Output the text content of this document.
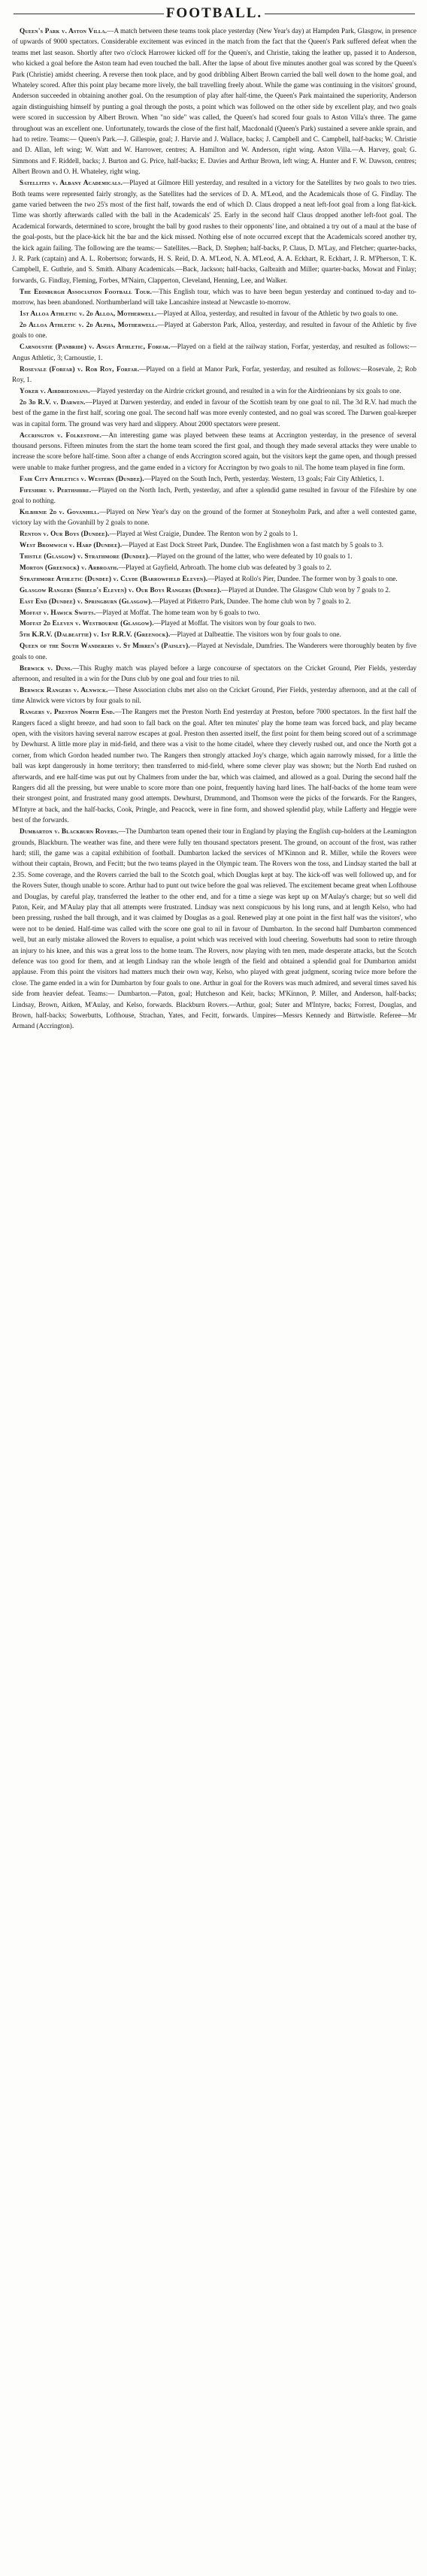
FOOTBALL.

Queen's Park v. Aston Villa.—A match between these teams took place yesterday (New Year's day) at Hampden Park, Glasgow, in presence of upwards of 9000 spectators. Considerable excitement was evinced in the match from the fact that the Queen's Park suffered defeat when the teams met last season. Shortly after two o'clock Harrower kicked off for the Queen's, and Christie, taking the leather up, passed it to Anderson, who kicked a goal before the Aston team had even touched the ball. After the lapse of about five minutes another goal was scored by the Queen's Park (Christie) amidst cheering. A reverse then took place, and by good dribbling Albert Brown carried the ball well down to the home goal, and Whateley scored. After this point play became more lively, the ball travelling freely about. While the game was continuing in the visitors' ground, Anderson succeeded in obtaining another goal. On the resumption of play after half-time, the Queen's Park maintained the superiority, Anderson again distinguishing himself by punting a goal through the posts, a point which was followed on the other side by excellent play, and two goals were scored in succession by Albert Brown. When "no side" was called, the Queen's had scored four goals to Aston Villa's three. The game throughout was an excellent one. Unfortunately, towards the close of the first half, Macdonald (Queen's Park) sustained a severe ankle sprain, and had to retire. Teams:— Queen's Park.—J. Gillespie, goal; J. Harvie and J. Wallace, backs; J. Campbell and C. Campbell, half-backs; W. Christie and D. Allan, left wing; W. Watt and W. Harrower, centres; A. Hamilton and W. Anderson, right wing. Aston Villa.—A. Harvey, goal; G. Simmons and F. Riddell, backs; J. Burton and G. Price, half-backs; E. Davies and Arthur Brown, left wing; A. Hunter and F. W. Dawson, centres; Albert Brown and O. H. Whateley, right wing.

Satellites v. Albany Academicals.—Played at Gilmore Hill yesterday, and resulted in a victory for the Satellites by two goals to two tries. Both teams were represented fairly strongly, as the Satellites had the services of D. A. M'Leod, and the Academicals those of G. Findlay. The game varied between the two 25's most of the first half, towards the end of which D. Claus dropped a neat left-foot goal from a long flat-kick. Time was shortly afterwards called with the ball in the Academicals' 25. Early in the second half Claus dropped another left-foot goal. The Academical forwards, determined to score, brought the ball by good rushes to their opponents' line, and obtained a try out of a maul at the base of the goal-posts, but the place-kick hit the bar and the kick missed. Nothing else of note occurred except that the Academicals scored another try, the kick again failing. The following are the teams:— Satellites.—Back, D. Stephen; half-backs, P. Claus, D. M'Lay, and Fletcher; quarter-backs, J. R. Park (captain) and A. L. Robertson; forwards, H. S. Reid, D. A. M'Leod, N. A. M'Leod, A. A. Eckhart, R. Eckhart, J. R. M'Pherson, T. K. Campbell, E. Guthrie, and S. Smith. Albany Academicals.—Back, Jackson; half-backs, Galbraith and Miller; quarter-backs, Mowat and Finlay; forwards, G. Findlay, Fleming, Forbes, M'Nairn, Clapperton, Cleveland, Henning, Lee, and Walker.

The Edinburgh Association Football Tour.—This English tour, which was to have been begun yesterday and continued to-day and to-morrow, has been abandoned. Northumberland will take Lancashire instead at Newcastle to-morrow.

1st Alloa Athletic v. 2d Alloa, Motherwell.—Played at Alloa, yesterday, and resulted in favour of the Athletic by two goals to one.

2d Alloa Athletic v. 2d Alpha, Motherwell.—Played at Gaberston Park, Alloa, yesterday, and resulted in favour of the Athletic by five goals to one.

Carnoustie (Panbride) v. Angus Athletic, Forfar.—Played on a field at the railway station, Forfar, yesterday, and resulted as follows:—Angus Athletic, 3; Carnoustie, 1.

Rosevale (Forfar) v. Rob Roy, Forfar.—Played on a field at Manor Park, Forfar, yesterday, and resulted as follows:—Rosevale, 2; Rob Roy, 1.

Yoker v. Airdrieonians.—Played yesterday on the Airdrie cricket ground, and resulted in a win for the Airdrieonians by six goals to one.

2d 3d R.V. v. Darwen.—Played at Darwen yesterday, and ended in favour of the Scottish team by one goal to nil. The 3d R.V. had much the best of the game in the first half, scoring one goal. The second half was more evenly contested, and no goal was scored. The Darwen goal-keeper was in capital form. The ground was very hard and slippery. About 2000 spectators were present.

Accrington v. Folkestone.—An interesting game was played between these teams at Accrington yesterday, in the presence of several thousand persons. Fifteen minutes from the start the home team scored the first goal, and though they made several attacks they were unable to increase the score before half-time. Soon after a change of ends Accrington scored again, but the visitors kept the game open, and though pressed were unable to make further progress, and the game ended in a victory for Accrington by two goals to nil. The home team played in fine form.

Fair City Athletics v. Western (Dundee).—Played on the South Inch, Perth, yesterday. Western, 13 goals; Fair City Athletics, 1.

Fifeshire v. Perthshire.—Played on the North Inch, Perth, yesterday, and after a splendid game resulted in favour of the Fifeshire by one goal to nothing.

Kilbirnie 2d v. Govanhill.—Played on New Year's day on the ground of the former at Stoneyholm Park, and after a well contested game, victory lay with the Govanhill by 2 goals to none.

Renton v. Our Boys (Dundee).—Played at West Craigie, Dundee. The Renton won by 2 goals to 1.

West Bromwich v. Harp (Dundee).—Played at East Dock Street Park, Dundee. The Englishmen won a fast match by 5 goals to 3.

Thistle (Glasgow) v. Strathmore (Dundee).—Played on the ground of the latter, who were defeated by 10 goals to 1.

Morton (Greenock) v. Arbroath.—Played at Gayfield, Arbroath. The home club was defeated by 3 goals to 2.

Strathmore Athletic (Dundee) v. Clyde (Barrowfield Eleven).—Played at Rollo's Pier, Dundee. The former won by 3 goals to one.

Glasgow Rangers (Shield's Eleven) v. Our Boys Rangers (Dundee).—Played at Dundee. The Glasgow Club won by 7 goals to 2.

East End (Dundee) v. Springburn (Glasgow).—Played at Pitkerro Park, Dundee. The home club won by 7 goals to 2.

Moffat v. Hawick Swifts.—Played at Moffat. The home team won by 6 goals to two.

Moffat 2d Eleven v. Westbourne (Glasgow).—Played at Moffat. The visitors won by four goals to two.

5th K.R.V. (Dalbeattie) v. 1st R.R.V. (Greenock).—Played at Dalbeattie. The visitors won by four goals to one.

Queen of the South Wanderers v. St Mirren's (Paisley).—Played at Nevisdale, Dumfries. The Wanderers were thoroughly beaten by five goals to one.

Berwick v. Duns.—This Rugby match was played before a large concourse of spectators on the Cricket Ground, Pier Fields, yesterday afternoon, and resulted in a win for the Duns club by one goal and four tries to nil.

Berwick Rangers v. Alnwick.—These Association clubs met also on the Cricket Ground, Pier Fields, yesterday afternoon, and at the call of time Alnwick were victors by four goals to nil.

Rangers v. Preston North End.—The Rangers met the Preston North End yesterday at Preston, before 7000 spectators. In the first half the Rangers faced a slight breeze, and had soon to fall back on the goal. After ten minutes' play the home team was forced back, and play became open, with the visitors having several narrow escapes at goal. Preston then asserted itself, the first point for them being scored out of a scrimmage by Dewhurst. A little more play in mid-field, and there was a visit to the home citadel, where they cleverly rushed out, and once the North got a corner, from which Gordon headed number two. The Rangers then strongly attacked Joy's charge, which again narrowly missed, for a little the ball was kept dangerously in home territory; then transferred to mid-field, where some clever play was shown; but the North End rushed on afterwards, and ere half-time was put out by Chalmers from under the bar, which was claimed, and allowed as a goal. During the second half the Rangers did all the pressing, but were unable to score more than one point, frequently having hard lines. The half-backs of the home team were their strongest point, and frustrated many good attempts. Dewhurst, Drummond, and Thomson were the picks of the forwards. For the Rangers, M'Intyre at back, and the half-backs, Cook, Pringle, and Peacock, were in fine form, and showed splendid play, while Lafferty and Heggie were best of the forwards.

Dumbarton v. Blackburn Rovers.—The Dumbarton team opened their tour in England by playing the English cup-holders at the Leamington grounds, Blackburn. The weather was fine, and there were fully ten thousand spectators present. The ground, on account of the frost, was rather hard; still, the game was a capital exhibition of football. Dumbarton lacked the services of M'Kinnon and R. Miller, while the Rovers were without their captain, Brown, and Fecitt; but the two teams played in the Olympic team. The Rovers won the toss, and Lindsay started the ball at 2.35. Some coverage, and the Rovers carried the ball to the Scotch goal, which Douglas kept at bay. The kick-off was well followed up, and for the Rovers Suter, though unable to score. Arthur had to punt out twice before the goal was relieved. The excitement became great when Lofthouse and Douglas, by careful play, transferred the leather to the other end, and for a time a siege was kept up on M'Aulay's charge; but so well did Paton, Keir, and M'Aulay play that all attempts were frustrated. Lindsay was next conspicuous by his long runs, and at length Kelso, who had been pressing, rushed the ball through, and it was claimed by Douglas as a goal. Renewed play at one point in the first half was the visitors', who were not to be denied. Half-time was called with the score one goal to nil in favour of Dumbarton. In the second half Dumbarton commenced well, but an early mistake allowed the Rovers to equalise, a point which was received with loud cheering. Sowerbutts had soon to retire through an injury to his knee, and this was a great loss to the home team. The Rovers, now playing with ten men, made desperate attacks, but the Scotch defence was too good for them, and at length Lindsay ran the whole length of the field and obtained a splendid goal for Dumbarton amidst applause. From this point the visitors had matters much their own way, Kelso, who played with great judgment, scoring twice more before the close. The game ended in a win for Dumbarton by four goals to one. Arthur in goal for the Rovers was much admired, and several times saved his side from heavier defeat. Teams:— Dumbarton.—Paton, goal; Hutcheson and Keir, backs; M'Kinnon, P. Miller, and Anderson, half-backs; Lindsay, Brown, Aitken, M'Aulay, and Kelso, forwards. Blackburn Rovers.—Arthur, goal; Suter and M'Intyre, backs; Forrest, Douglas, and Brown, half-backs; Sowerbutts, Lofthouse, Strachan, Yates, and Fecitt, forwards. Umpires—Messrs Kennedy and Birtwistle. Referee—Mr Armand (Accrington).
